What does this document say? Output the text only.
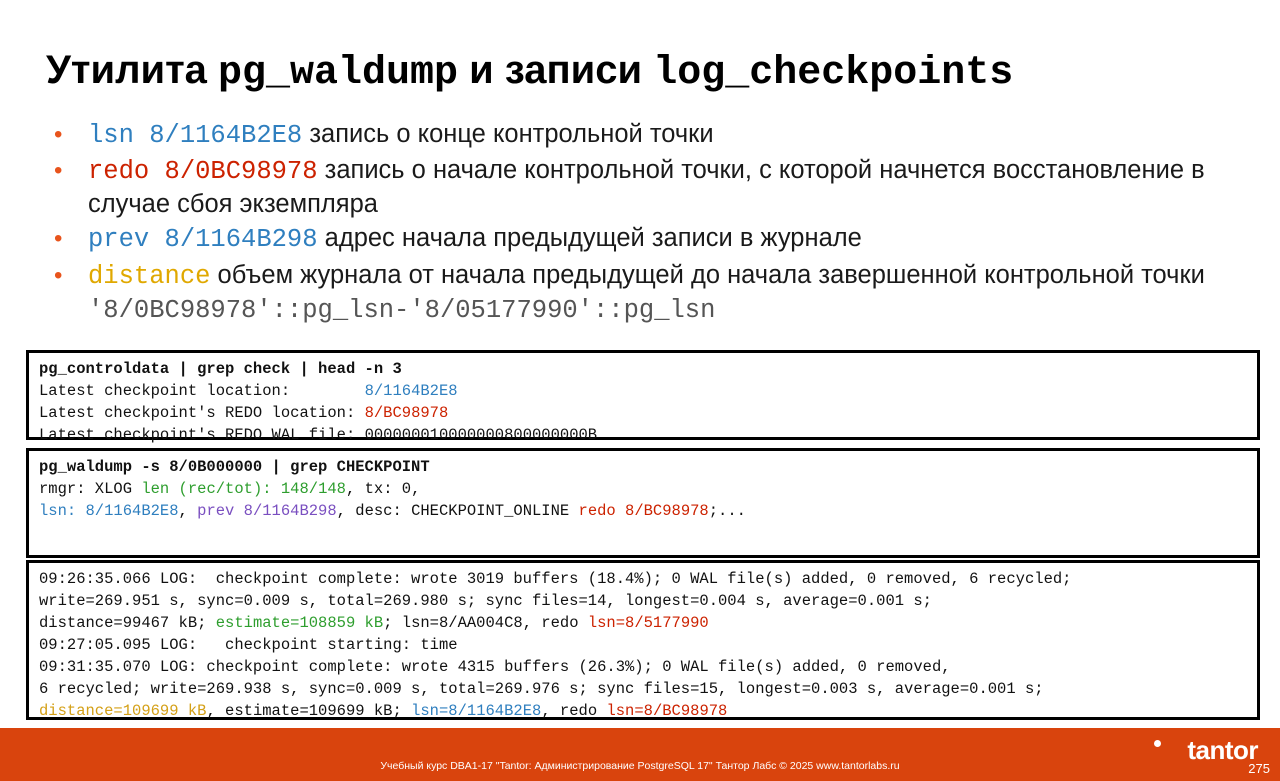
Утилита pg_waldump и записи log_checkpoints
• lsn 8/1164B2E8 запись о конце контрольной точки
• redo 8/0BC98978 запись о начале контрольной точки, с которой начнется восстановление в случае сбоя экземпляра
• prev 8/1164B298 адрес начала предыдущей записи в журнале
• distance объем журнала от начала предыдущей до начала завершенной контрольной точки '8/0BC98978'::pg_lsn-'8/05177990'::pg_lsn
pg_controldata | grep check | head -n 3
Latest checkpoint location:        8/1164B2E8
Latest checkpoint's REDO location: 8/BC98978
Latest checkpoint's REDO WAL file: 000000010000000800000000B
pg_waldump -s 8/0B000000 | grep CHECKPOINT
rmgr: XLOG len (rec/tot): 148/148, tx: 0,
lsn: 8/1164B2E8, prev 8/1164B298, desc: CHECKPOINT_ONLINE redo 8/BC98978;...
09:26:35.066 LOG:  checkpoint complete: wrote 3019 buffers (18.4%); 0 WAL file(s) added, 0 removed, 6 recycled;
write=269.951 s, sync=0.009 s, total=269.980 s; sync files=14, longest=0.004 s, average=0.001 s;
distance=99467 kB; estimate=108859 kB; lsn=8/AA004C8, redo lsn=8/5177990
09:27:05.095 LOG:   checkpoint starting: time
09:31:35.070 LOG: checkpoint complete: wrote 4315 buffers (26.3%); 0 WAL file(s) added, 0 removed,
6 recycled; write=269.938 s, sync=0.009 s, total=269.976 s; sync files=15, longest=0.003 s, average=0.001 s;
distance=109699 kB, estimate=109699 kB; lsn=8/1164B2E8, redo lsn=8/BC98978
tantor
Учебный курс DBA1-17 "Tantor: Администрирование PostgreSQL 17" Тантор Лабс © 2025 www.tantorlabs.ru	275
